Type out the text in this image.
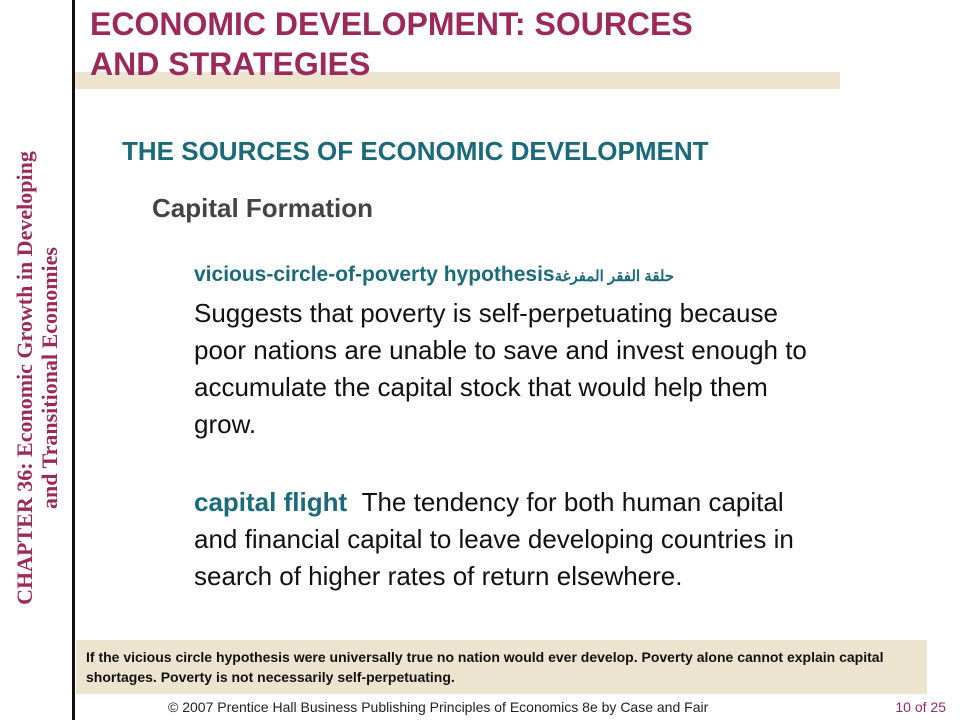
CHAPTER 36: Economic Growth in Developing and Transitional Economies
ECONOMIC DEVELOPMENT: SOURCES
AND STRATEGIES
THE SOURCES OF ECONOMIC DEVELOPMENT
Capital Formation
vicious-circle-of-poverty hypothesisحلقة الفقر المفرغة
Suggests that poverty is self-perpetuating because poor nations are unable to save and invest enough to accumulate the capital stock that would help them grow.
capital flight The tendency for both human capital and financial capital to leave developing countries in search of higher rates of return elsewhere.
If the vicious circle hypothesis were universally true no nation would ever develop. Poverty alone cannot explain capital shortages. Poverty is not necessarily self-perpetuating.
© 2007 Prentice Hall Business Publishing Principles of Economics 8e by Case and Fair	10 of 25
